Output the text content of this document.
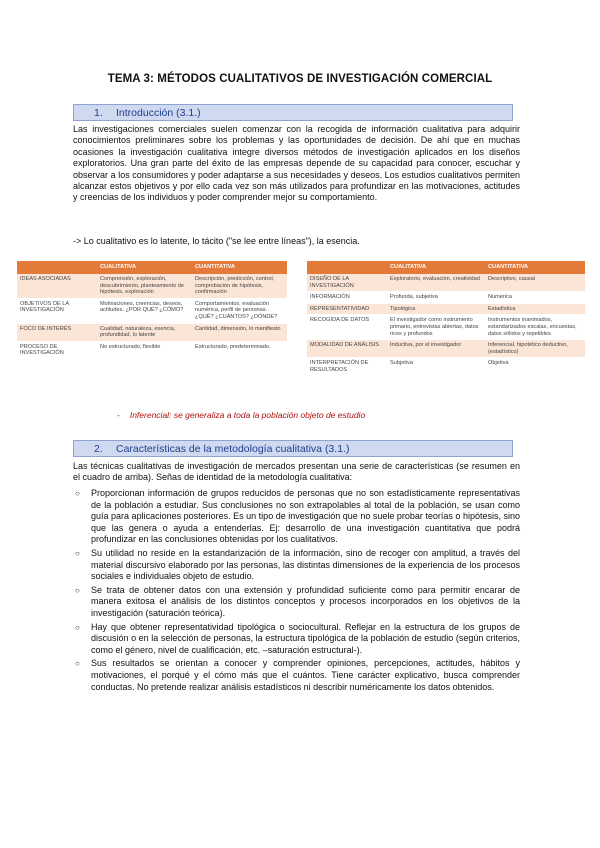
TEMA 3: MÉTODOS CUALITATIVOS DE INVESTIGACIÓN COMERCIAL
1. Introducción (3.1.)
Las investigaciones comerciales suelen comenzar con la recogida de información cualitativa para adquirir conocimientos preliminares sobre los problemas y las oportunidades de decisión. De ahí que en muchas ocasiones la investigación cualitativa integre diversos métodos de investigación aplicados en los diseños exploratorios. Una gran parte del éxito de las empresas depende de su capacidad para conocer, escuchar y observar a los consumidores y poder adaptarse a sus necesidades y deseos. Los estudios cualitativos permiten alcanzar estos objetivos y por ello cada vez son más utilizados para profundizar en las motivaciones, actitudes y creencias de los individuos y poder comprender mejor su comportamiento.
-> Lo cualitativo es lo latente, lo tácito ("se lee entre líneas"), la esencia.
	CUALITATIVA	CUANTITATIVA
IDEAS ASOCIADAS	Comprensión, exploración, descubrimiento, planteamiento de hipótesis, exploración	Descripción, predicción, control, comprobación de hipótesis, confirmación
OBJETIVOS DE LA INVESTIGACIÓN	Motivaciones, creencias, deseos, actitudes. ¿POR QUÉ? ¿CÓMO?	Comportamientos, evaluación numérica, perfil de personas. ¿QUÉ? ¿CUÁNTOS? ¿DÓNDE?
FOCO DE INTERÉS	Cualidad, naturaleza, esencia, profundidad, lo latente	Cantidad, dimensión, lo manifiesto
PROCESO DE INVESTIGACIÓN	No estructurado, flexible	Estructurado, predeterminado.
	CUALITATIVA	CUANTITATIVA
DISEÑO DE LA INVESTIGACIÓN	Exploratorio, evaluación, creatividad	Descriptivo, causal
INFORMACIÓN	Profunda, subjetiva	Numérica
REPRESENTATIVIDAD	Tipológica	Estadística
RECOGIDA DE DATOS	El investigador como instrumento primario, entrevistas abiertas, datos ricos y profundos	Instrumentos inanimados, estandarizados escalas, encuestas, datos sólidos y repetibles
MODALIDAD DE ANÁLISIS	Inductiva, por el investigador	Inferencial, hipotético deductivo, (estadístico)
INTERPRETACIÓN DE RESULTADOS	Subjetiva	Objetiva
- Inferencial: se generaliza a toda la población objeto de estudio
2. Características de la metodología cualitativa (3.1.)
Las técnicas cualitativas de investigación de mercados presentan una serie de características (se resumen en el cuadro de arriba). Señas de identidad de la metodología cualitativa:
○ Proporcionan información de grupos reducidos de personas que no son estadísticamente representativas de la población a estudiar. Sus conclusiones no son extrapolables al total de la población, se usan como guía para aplicaciones posteriores. Es un tipo de investigación que no suele probar teorías o hipótesis, sino que las genera o ayuda a entenderlas. Ej: desarrollo de una investigación cuantitativa que podrá profundizar en las conclusiones obtenidas por los cualitativos.
○ Su utilidad no reside en la estandarización de la información, sino de recoger con amplitud, a través del material discursivo elaborado por las personas, las distintas dimensiones de la experiencia de los procesos sociales e individuales objeto de estudio.
○ Se trata de obtener datos con una extensión y profundidad suficiente como para permitir encarar de manera exitosa el análisis de los distintos conceptos y procesos incorporados en los objetivos de la investigación (saturación teórica).
○ Hay que obtener representatividad tipológica o sociocultural. Reflejar en la estructura de los grupos de discusión o en la selección de personas, la estructura tipológica de la población de estudio (según criterios, como el género, nivel de cualificación, etc. –saturación estructural-).
○ Sus resultados se orientan a conocer y comprender opiniones, percepciones, actitudes, hábitos y motivaciones, el porqué y el cómo más que el cuántos. Tiene carácter explicativo, busca comprender conductas. No pretende realizar análisis estadísticos ni describir numéricamente los datos obtenidos.
